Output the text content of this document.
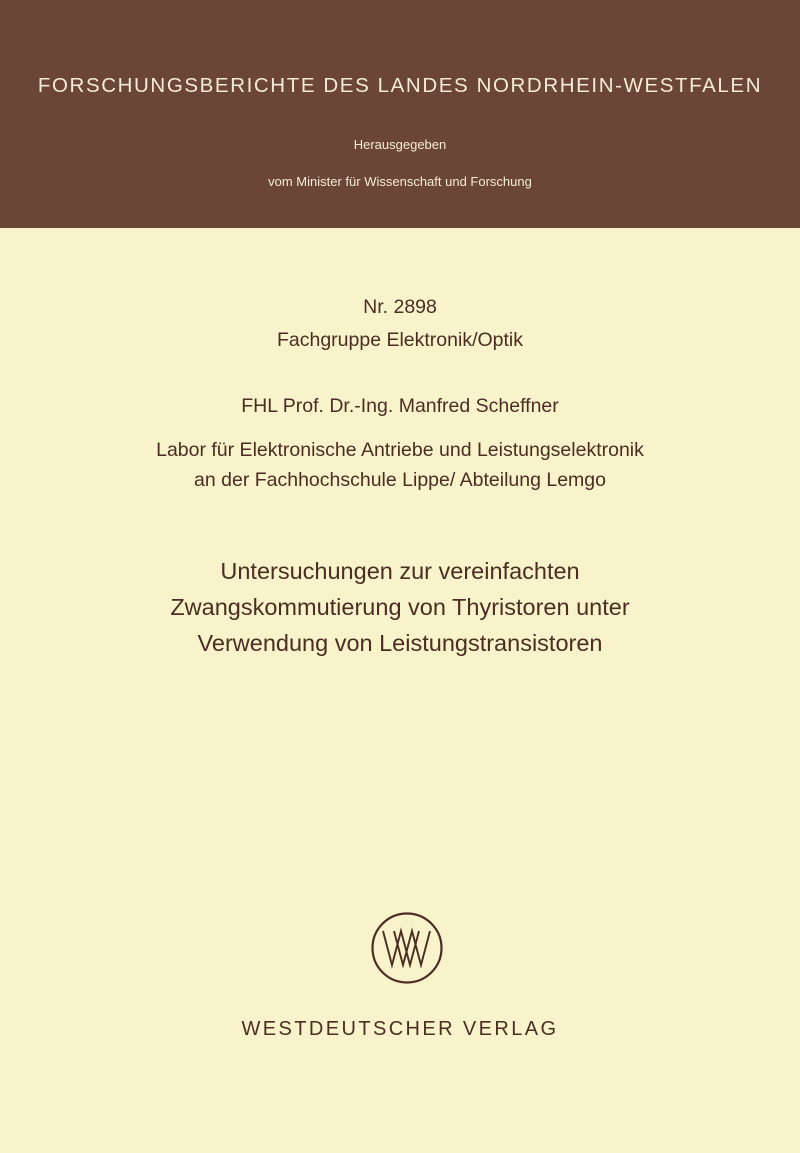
FORSCHUNGSBERICHTE DES LANDES NORDRHEIN-WESTFALEN
Herausgegeben
vom Minister für Wissenschaft und Forschung
Nr. 2898
Fachgruppe Elektronik/Optik
FHL Prof. Dr.-Ing. Manfred Scheffner
Labor für Elektronische Antriebe und Leistungselektronik
an der Fachhochschule Lippe/ Abteilung Lemgo
Untersuchungen zur vereinfachten
Zwangskommutierung von Thyristoren unter
Verwendung von Leistungstransistoren
WESTDEUTSCHER VERLAG
